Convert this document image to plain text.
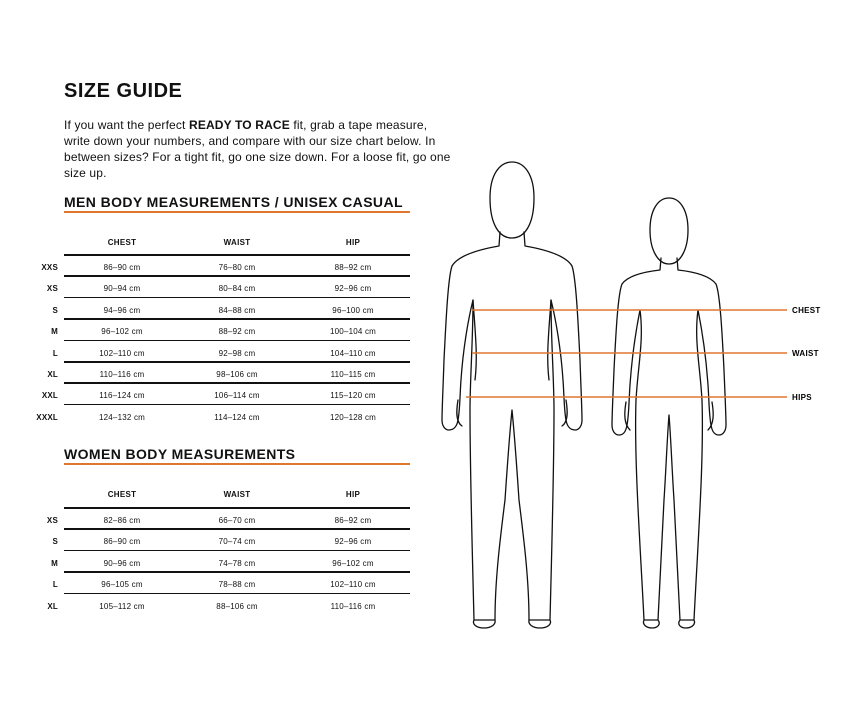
SIZE GUIDE
If you want the perfect READY TO RACE fit, grab a tape measure, write down your numbers, and compare with our size chart below. In between sizes? For a tight fit, go one size down. For a loose fit, go one size up.
MEN BODY MEASUREMENTS / UNISEX CASUAL
CHEST	WAIST	HIP
XXS	86–90 cm	76–80 cm	88–92 cm
XS	90–94 cm	80–84 cm	92–96 cm
S	94–96 cm	84–88 cm	96–100 cm
M	96–102 cm	88–92 cm	100–104 cm
L	102–110 cm	92–98 cm	104–110 cm
XL	110–116 cm	98–106 cm	110–115 cm
XXL	116–124 cm	106–114 cm	115–120 cm
XXXL	124–132 cm	114–124 cm	120–128 cm
WOMEN BODY MEASUREMENTS
CHEST	WAIST	HIP
XS	82–86 cm	66–70 cm	86–92 cm
S	86–90 cm	70–74 cm	92–96 cm
M	90–96 cm	74–78 cm	96–102 cm
L	96–105 cm	78–88 cm	102–110 cm
XL	105–112 cm	88–106 cm	110–116 cm
CHEST
WAIST
HIPS
